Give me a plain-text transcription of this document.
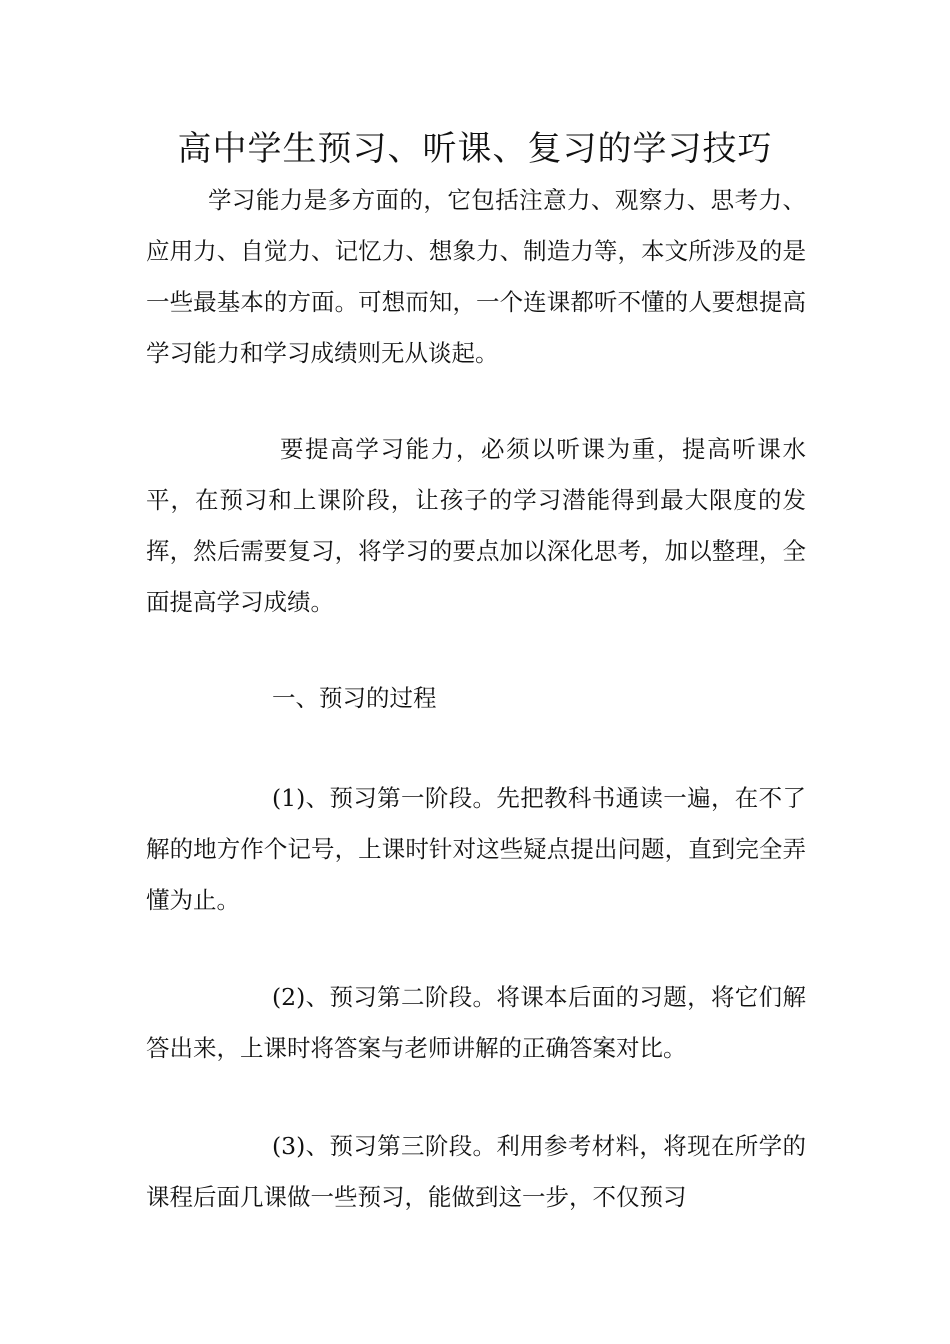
高中学生预习、听课、复习的学习技巧

学习能力是多方面的，它包括注意力、观察力、思考力、应用力、自觉力、记忆力、想象力、制造力等，本文所涉及的是一些最基本的方面。可想而知，一个连课都听不懂的人要想提高学习能力和学习成绩则无从谈起。

要提高学习能力，必须以听课为重，提高听课水平，在预习和上课阶段，让孩子的学习潜能得到最大限度的发挥，然后需要复习，将学习的要点加以深化思考，加以整理，全面提高学习成绩。

一、预习的过程

(1)、预习第一阶段。先把教科书通读一遍，在不了解的地方作个记号，上课时针对这些疑点提出问题，直到完全弄懂为止。

(2)、预习第二阶段。将课本后面的习题，将它们解答出来，上课时将答案与老师讲解的正确答案对比。

(3)、预习第三阶段。利用参考材料，将现在所学的课程后面几课做一些预习，能做到这一步，不仅预习
